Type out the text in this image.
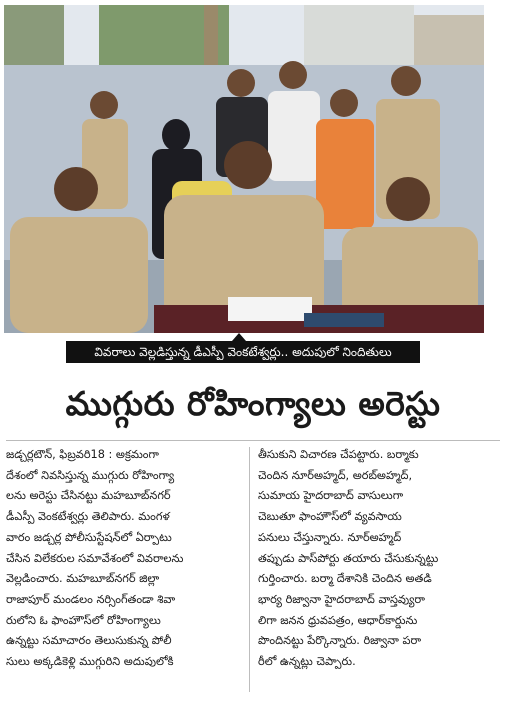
వివరాలు వెల్లడిస్తున్న డీఎస్పీ వెంకటేశ్వర్లు.. అదుపులో నిందితులు
ముగ్గురు రోహింగ్యాలు అరెస్టు
జడ్చర్లటౌన్, ఫిబ్రవరి18 : అక్రమంగా
దేశంలో నివసిస్తున్న ముగ్గురు రోహింగ్యా
లను అరెస్టు చేసినట్టు మహబూబ్‌నగర్
డీఎస్పీ వెంకటేశ్వర్లు తెలిపారు. మంగళ
వారం జడ్చర్ల పోలీసుస్టేషన్‌లో ఏర్పాటు
చేసిన విలేకరుల సమావేశంలో వివరాలను
వెల్లడించారు. మహబూబ్‌నగర్ జిల్లా
రాజాపూర్ మండలం నర్సింగ్‌తండా శివా
రులోని ఓ ఫాంహౌస్‌లో రోహింగ్యాలు
ఉన్నట్టు సమాచారం తెలుసుకున్న పోలీ
సులు అక్కడికెళ్లి ముగ్గురిని అదుపులోకి
తీసుకుని విచారణ చేపట్టారు. బర్మాకు
చెందిన నూర్‌అహ్మద్, అరబ్‌అహ్మద్,
సుమాయ హైదరాబాద్ వాసులుగా
చెబుతూ ఫాంహౌస్‌లో వ్యవసాయ
పనులు చేస్తున్నారు. నూర్‌అహ్మద్
తప్పుడు పాస్‌పోర్టు తయారు చేసుకున్నట్టు
గుర్తించారు. బర్మా దేశానికి చెందిన అతడి
భార్య రిజ్వానా హైదరాబాద్ వాస్తవ్యురా
లిగా జనన ధ్రువపత్రం, ఆధార్‌కార్డును
పొందినట్టు పేర్కొన్నారు. రిజ్వానా పరా
రీలో ఉన్నట్లు చెప్పారు.
